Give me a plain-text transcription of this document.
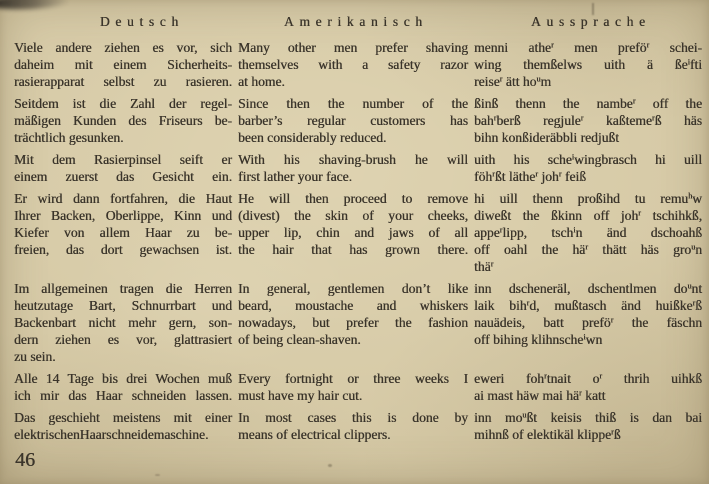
Deutsch	Amerikanisch	Aussprache
Viele andere ziehen es vor, sich
daheim mit einem Sicherheits-
rasierapparat selbst zu rasieren.
Many other men prefer shaving
themselves with a safety razor
at home.
menni athe$^r$ men prefö$^r$ schei-
wing themßelws uith ä $ße^ifti$
reise$^r$ ätt $ho^um$
Seitdem ist die Zahl der regel-
mäßigen Kunden des Friseurs be-
trächtlich gesunken.
Since then the number of the
barber’s regular customers has
been considerably reduced.
ßinß thenn the nambe$^r$ off the
bah$^r$berß regjule$^r$ kaßteme$^r$ß häs
bihn konßideräbbli redjußt
Mit dem Rasierpinsel seift er
einem zuerst das Gesicht ein.
With his shaving-brush he will
first lather your face.
uith his sche$^i$wingbrasch hi uill
föh$^r$ßt läthe$^r$ joh$^r$ feiß
Er wird dann fortfahren, die Haut
Ihrer Backen, Oberlippe, Kinn und
Kiefer von allem Haar zu be-
freien, das dort gewachsen ist.
He will then proceed to remove
(divest) the skin of your cheeks,
upper lip, chin and jaws of all
the hair that has grown there.
hi uill thenn proßihd tu remu$^h$w
diweßt the ßkinn off joh$^r$ tschihkß,
appe$^r$lipp, tsch$^i$n änd dschoahß
off oahl the $hä^r$ thätt häs gro$^u$n
thä$^r$
Im allgemeinen tragen die Herren
heutzutage Bart, Schnurrbart und
Backenbart nicht mehr gern, son-
dern ziehen es vor, glattrasiert
zu sein.
In general, gentlemen don’t like
beard, moustache and whiskers
nowadays, but prefer the fashion
of being clean-shaven.
inn dscheneräl, dschentlmen $do^unt$
laik bih$^r$d, mußtasch änd huißke$^r$ß
nauädeis, batt prefö$^r$ the fäschn
off bihing klihnsche$^i$wn
Alle 14 Tage bis drei Wochen muß
ich mir das Haar schneiden lassen.
Every fortnight or three weeks I
must have my hair cut.
eweri foh$^r$tnait $o^r$ thrih uihkß
ai mast häw mai $hä^r$ katt
Das geschieht meistens mit einer
elektrischenHaarschneidemaschine.
In most cases this is done by
means of electrical clippers.
inn $mo^ußt$ keisis thiß is dan bai
mihnß of elektikäl klippe$^r$ß
46
